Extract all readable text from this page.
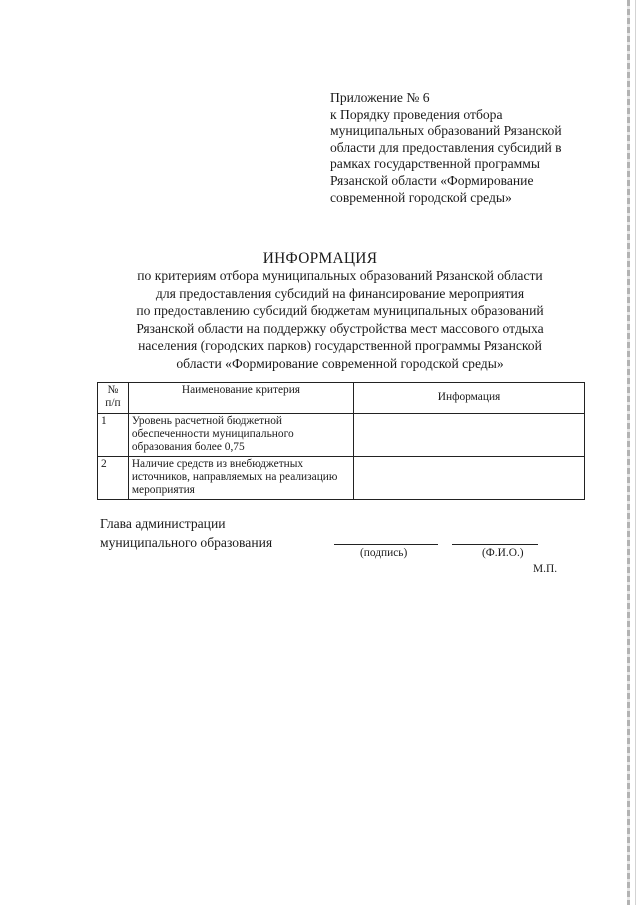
Приложение № 6
к Порядку проведения отбора
муниципальных образований Рязанской
области для предоставления субсидий в
рамках государственной программы
Рязанской области «Формирование
современной городской среды»
ИНФОРМАЦИЯ
по критериям отбора муниципальных образований Рязанской области
для предоставления субсидий на финансирование мероприятия
по предоставлению субсидий бюджетам муниципальных образований
Рязанской области на поддержку обустройства мест массового отдыха
населения (городских парков) государственной программы Рязанской
области «Формирование современной городской среды»
№
п/п	Наименование критерия	Информация
1	Уровень расчетной бюджетной обеспеченности муниципального образования более 0,75	
2	Наличие средств из внебюджетных источников, направляемых на реализацию мероприятия	
Глава администрации
муниципального образования
(подпись)	(Ф.И.О.)
М.П.
